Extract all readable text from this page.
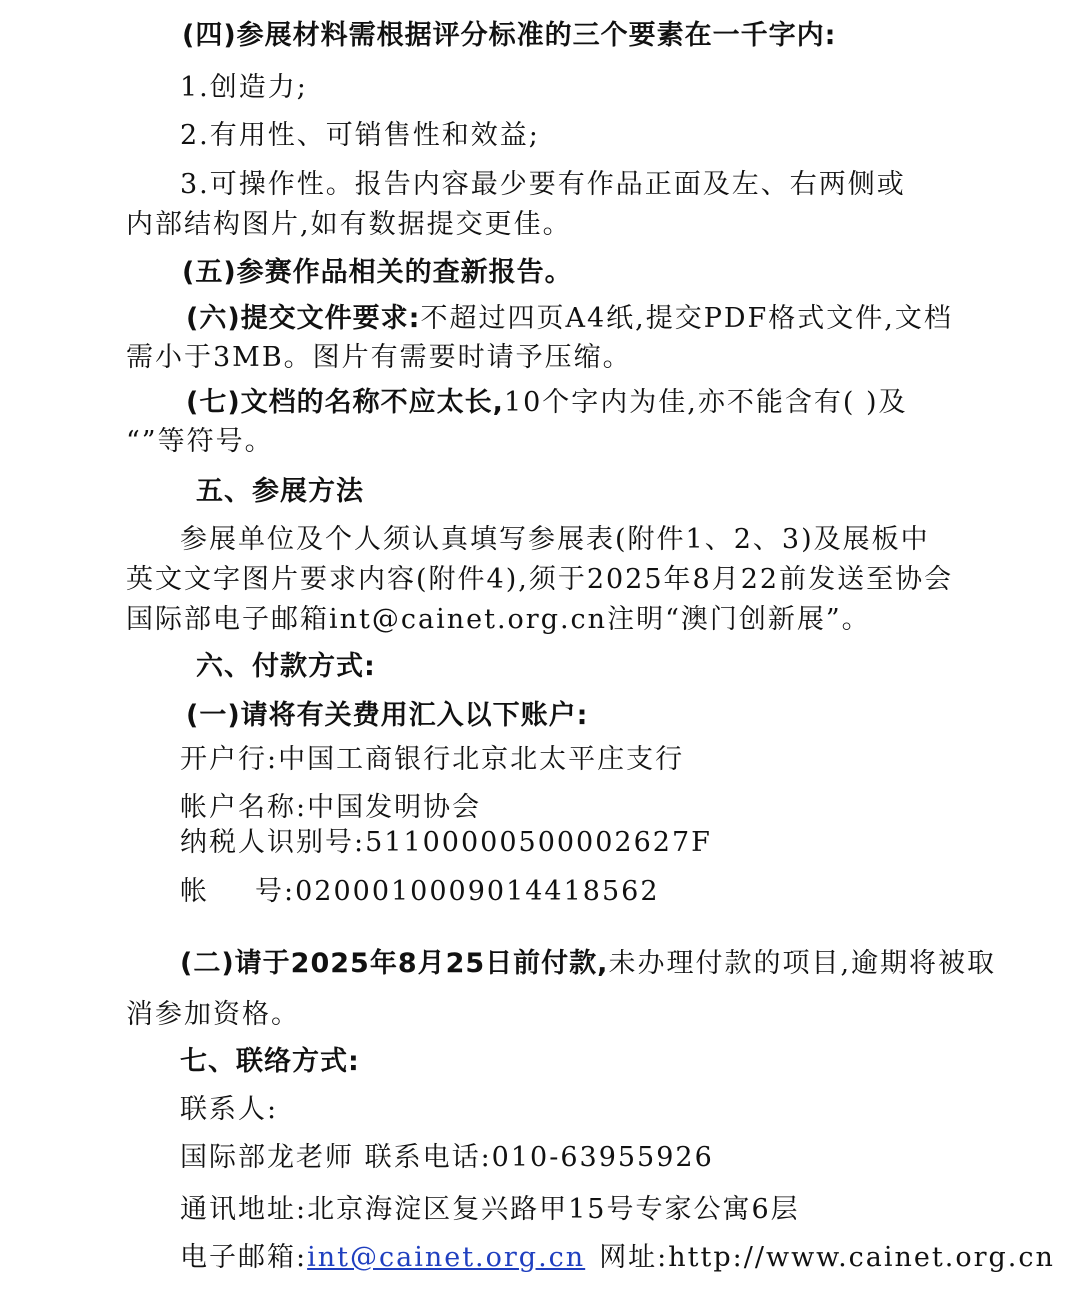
(四)参展材料需根据评分标准的三个要素在一千字内:

1.创造力;

2.有用性、可销售性和效益;

3.可操作性。报告内容最少要有作品正面及左、右两侧或

内部结构图片,如有数据提交更佳。

(五)参赛作品相关的查新报告。

(六)提交文件要求:不超过四页A4纸,提交PDF格式文件,文档

需小于3MB。图片有需要时请予压缩。

(七)文档的名称不应太长,10个字内为佳,亦不能含有( )及

“”等符号。

五、参展方法

参展单位及个人须认真填写参展表(附件1、2、3)及展板中

英文文字图片要求内容(附件4),须于2025年8月22前发送至协会

国际部电子邮箱int@cainet.org.cn注明“澳门创新展”。

六、付款方式:

(一)请将有关费用汇入以下账户:

开户行:中国工商银行北京北太平庄支行

帐户名称:中国发明协会

纳税人识别号:51100000500002627F

帐 号:0200010009014418562

(二)请于2025年8月25日前付款,未办理付款的项目,逾期将被取

消参加资格。

七、联络方式:

联系人:

国际部龙老师 联系电话:010-63955926

通讯地址:北京海淀区复兴路甲15号专家公寓6层

电子邮箱:int@cainet.org.cn 网址:http://www.cainet.org.cn
